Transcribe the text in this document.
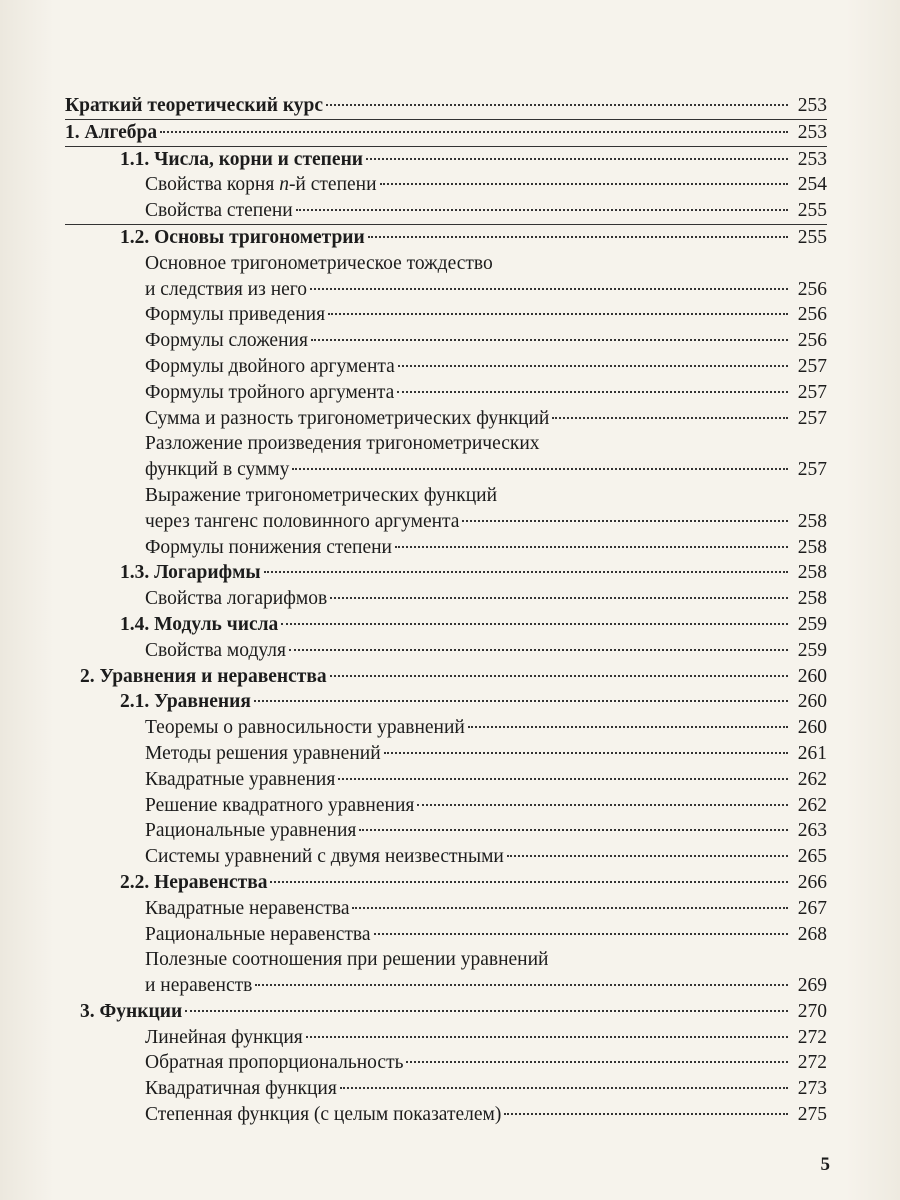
Краткий теоретический курс	253
1. Алгебра	253
1.1. Числа, корни и степени	253
Свойства корня n-й степени	254
Свойства степени	255
1.2. Основы тригонометрии	255
Основное тригонометрическое тождество
и следствия из него	256
Формулы приведения	256
Формулы сложения	256
Формулы двойного аргумента	257
Формулы тройного аргумента	257
Сумма и разность тригонометрических функций	257
Разложение произведения тригонометрических
функций в сумму	257
Выражение тригонометрических функций
через тангенс половинного аргумента	258
Формулы понижения степени	258
1.3. Логарифмы	258
Свойства логарифмов	258
1.4. Модуль числа	259
Свойства модуля	259
2. Уравнения и неравенства	260
2.1. Уравнения	260
Теоремы о равносильности уравнений	260
Методы решения уравнений	261
Квадратные уравнения	262
Решение квадратного уравнения	262
Рациональные уравнения	263
Системы уравнений с двумя неизвестными	265
2.2. Неравенства	266
Квадратные неравенства	267
Рациональные неравенства	268
Полезные соотношения при решении уравнений
и неравенств	269
3. Функции	270
Линейная функция	272
Обратная пропорциональность	272
Квадратичная функция	273
Степенная функция (с целым показателем)	275
5
